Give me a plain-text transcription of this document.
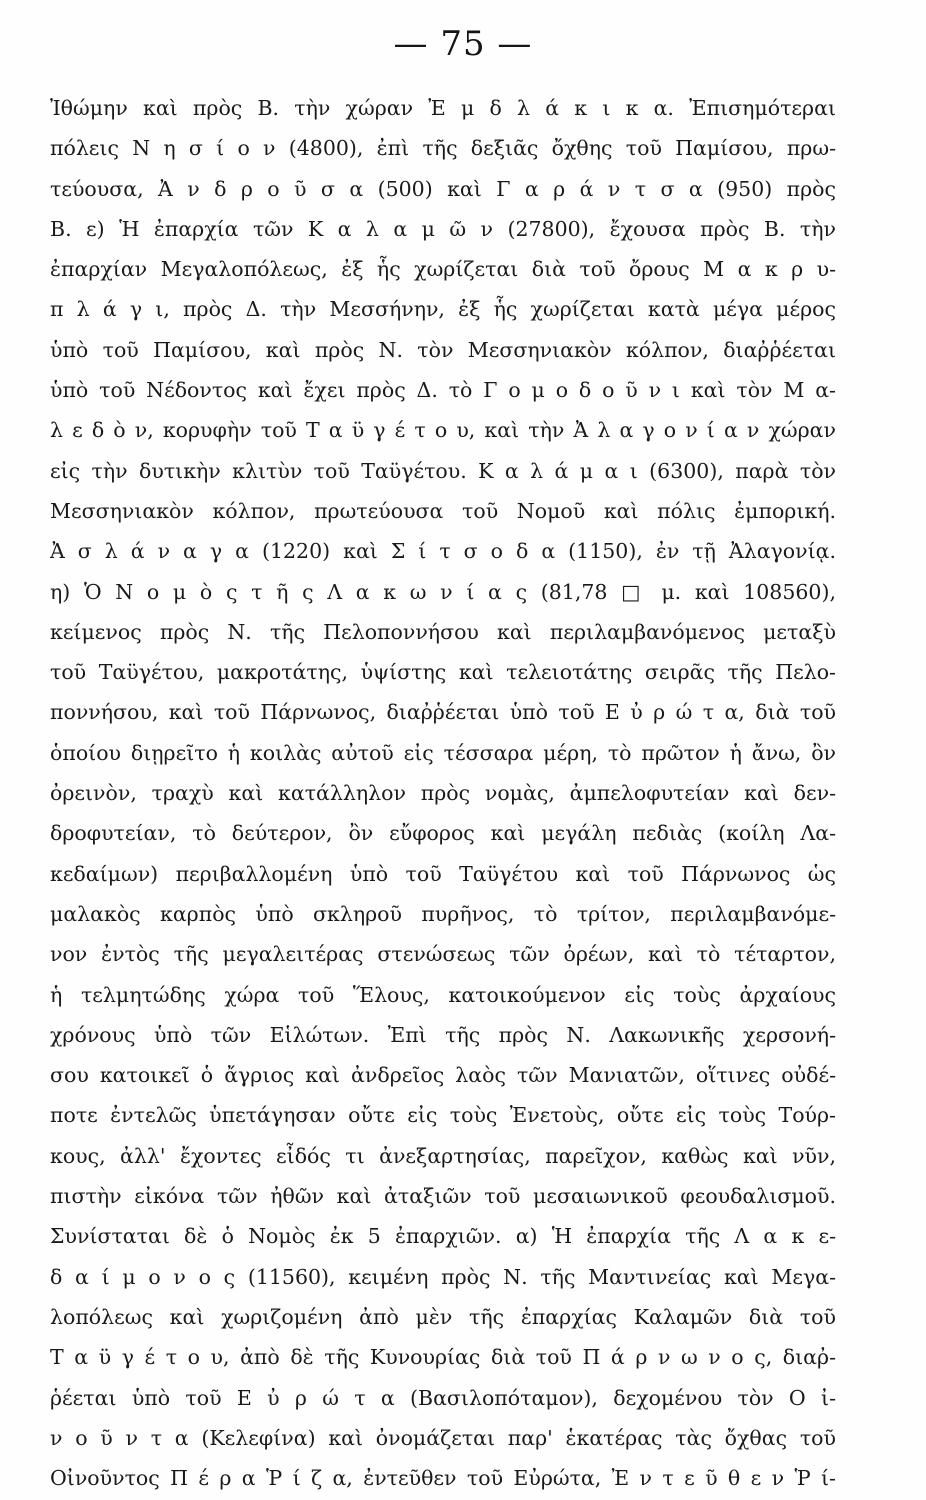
— 75 —
Ἰθώμην καὶ πρὸς Β. τὴν χώραν Ἐ μ δ λ ά κ ι κ α. Ἐπισημότεραι
πόλεις Ν η σ ί ο ν (4800), ἐπὶ τῆς δεξιᾶς ὄχθης τοῦ Παμίσου, πρω-
τεύουσα, Ἀ ν δ ρ ο ῦ σ α (500) καὶ Γ α ρ ά ν τ σ α (950) πρὸς
Β. ε) Ἡ ἐπαρχία τῶν Κ α λ α μ ῶ ν (27800), ἔχουσα πρὸς Β. τὴν
ἐπαρχίαν Μεγαλοπόλεως, ἐξ ἧς χωρίζεται διὰ τοῦ ὄρους Μ α κ ρ υ-
π λ ά γ ι, πρὸς Δ. τὴν Μεσσήνην, ἐξ ἧς χωρίζεται κατὰ μέγα μέρος
ὑπὸ τοῦ Παμίσου, καὶ πρὸς Ν. τὸν Μεσσηνιακὸν κόλπον, διαῤῥέεται
ὑπὸ τοῦ Νέδοντος καὶ ἔχει πρὸς Δ. τὸ Γ ο μ ο δ ο ῦ ν ι καὶ τὸν Μ α-
λ ε δ ὸ ν, κορυφὴν τοῦ Τ α ϋ γ έ τ ο υ, καὶ τὴν Ἀ λ α γ ο ν ί α ν χώραν
εἰς τὴν δυτικὴν κλιτὺν τοῦ Ταϋγέτου. Κ α λ ά μ α ι (6300), παρὰ τὸν
Μεσσηνιακὸν κόλπον, πρωτεύουσα τοῦ Νομοῦ καὶ πόλις ἐμπορική.
Ἀ σ λ ά ν α γ α (1220) καὶ Σ ί τ σ ο δ α (1150), ἐν τῇ Ἀλαγονίᾳ.
η) Ὁ Ν ο μ ὸ ς τ ῆ ς Λ α κ ω ν ί α ς (81,78 □ μ. καὶ 108560),
κείμενος πρὸς Ν. τῆς Πελοποννήσου καὶ περιλαμβανόμενος μεταξὺ
τοῦ Ταϋγέτου, μακροτάτης, ὑψίστης καὶ τελειοτάτης σειρᾶς τῆς Πελο-
ποννήσου, καὶ τοῦ Πάρνωνος, διαῤῥέεται ὑπὸ τοῦ Ε ὐ ρ ώ τ α, διὰ τοῦ
ὁποίου διῃρεῖτο ἡ κοιλὰς αὐτοῦ εἰς τέσσαρα μέρη, τὸ πρῶτον ἡ ἄνω, ὂν
ὀρεινὸν, τραχὺ καὶ κατάλληλον πρὸς νομὰς, ἀμπελοφυτείαν καὶ δεν-
δροφυτείαν, τὸ δεύτερον, ὂν εὔφορος καὶ μεγάλη πεδιὰς (κοίλη Λα-
κεδαίμων) περιβαλλομένη ὑπὸ τοῦ Ταϋγέτου καὶ τοῦ Πάρνωνος ὡς
μαλακὸς καρπὸς ὑπὸ σκληροῦ πυρῆνος, τὸ τρίτον, περιλαμβανόμε-
νον ἐντὸς τῆς μεγαλειτέρας στενώσεως τῶν ὀρέων, καὶ τὸ τέταρτον,
ἡ τελμητώδης χώρα τοῦ Ἕλους, κατοικούμενον εἰς τοὺς ἀρχαίους
χρόνους ὑπὸ τῶν Εἱλώτων. Ἐπὶ τῆς πρὸς Ν. Λακωνικῆς χερσονή-
σου κατοικεῖ ὁ ἄγριος καὶ ἀνδρεῖος λαὸς τῶν Μανιατῶν, οἵτινες οὐδέ-
ποτε ἐντελῶς ὑπετάγησαν οὔτε εἰς τοὺς Ἐνετοὺς, οὔτε εἰς τοὺς Τούρ-
κους, ἀλλ' ἔχοντες εἶδός τι ἀνεξαρτησίας, παρεῖχον, καθὼς καὶ νῦν,
πιστὴν εἰκόνα τῶν ἠθῶν καὶ ἀταξιῶν τοῦ μεσαιωνικοῦ φεουδαλισμοῦ.
Συνίσταται δὲ ὁ Νομὸς ἐκ 5 ἐπαρχιῶν. α) Ἡ ἐπαρχία τῆς Λ α κ ε-
δ α ί μ ο ν ο ς (11560), κειμένη πρὸς Ν. τῆς Μαντινείας καὶ Μεγα-
λοπόλεως καὶ χωριζομένη ἀπὸ μὲν τῆς ἐπαρχίας Καλαμῶν διὰ τοῦ
Τ α ϋ γ έ τ ο υ, ἀπὸ δὲ τῆς Κυνουρίας διὰ τοῦ Π ά ρ ν ω ν ο ς, διαῤ-
ῥέεται ὑπὸ τοῦ Ε ὐ ρ ώ τ α (Βασιλοπόταμον), δεχομένου τὸν Ο ἰ-
ν ο ῦ ν τ α (Κελεφίνα) καὶ ὀνομάζεται παρ' ἑκατέρας τὰς ὄχθας τοῦ
Οἰνοῦντος Π έ ρ α Ῥ ί ζ α, ἐντεῦθεν τοῦ Εὐρώτα, Ἐ ν τ ε ῦ θ ε ν Ῥ ί-
